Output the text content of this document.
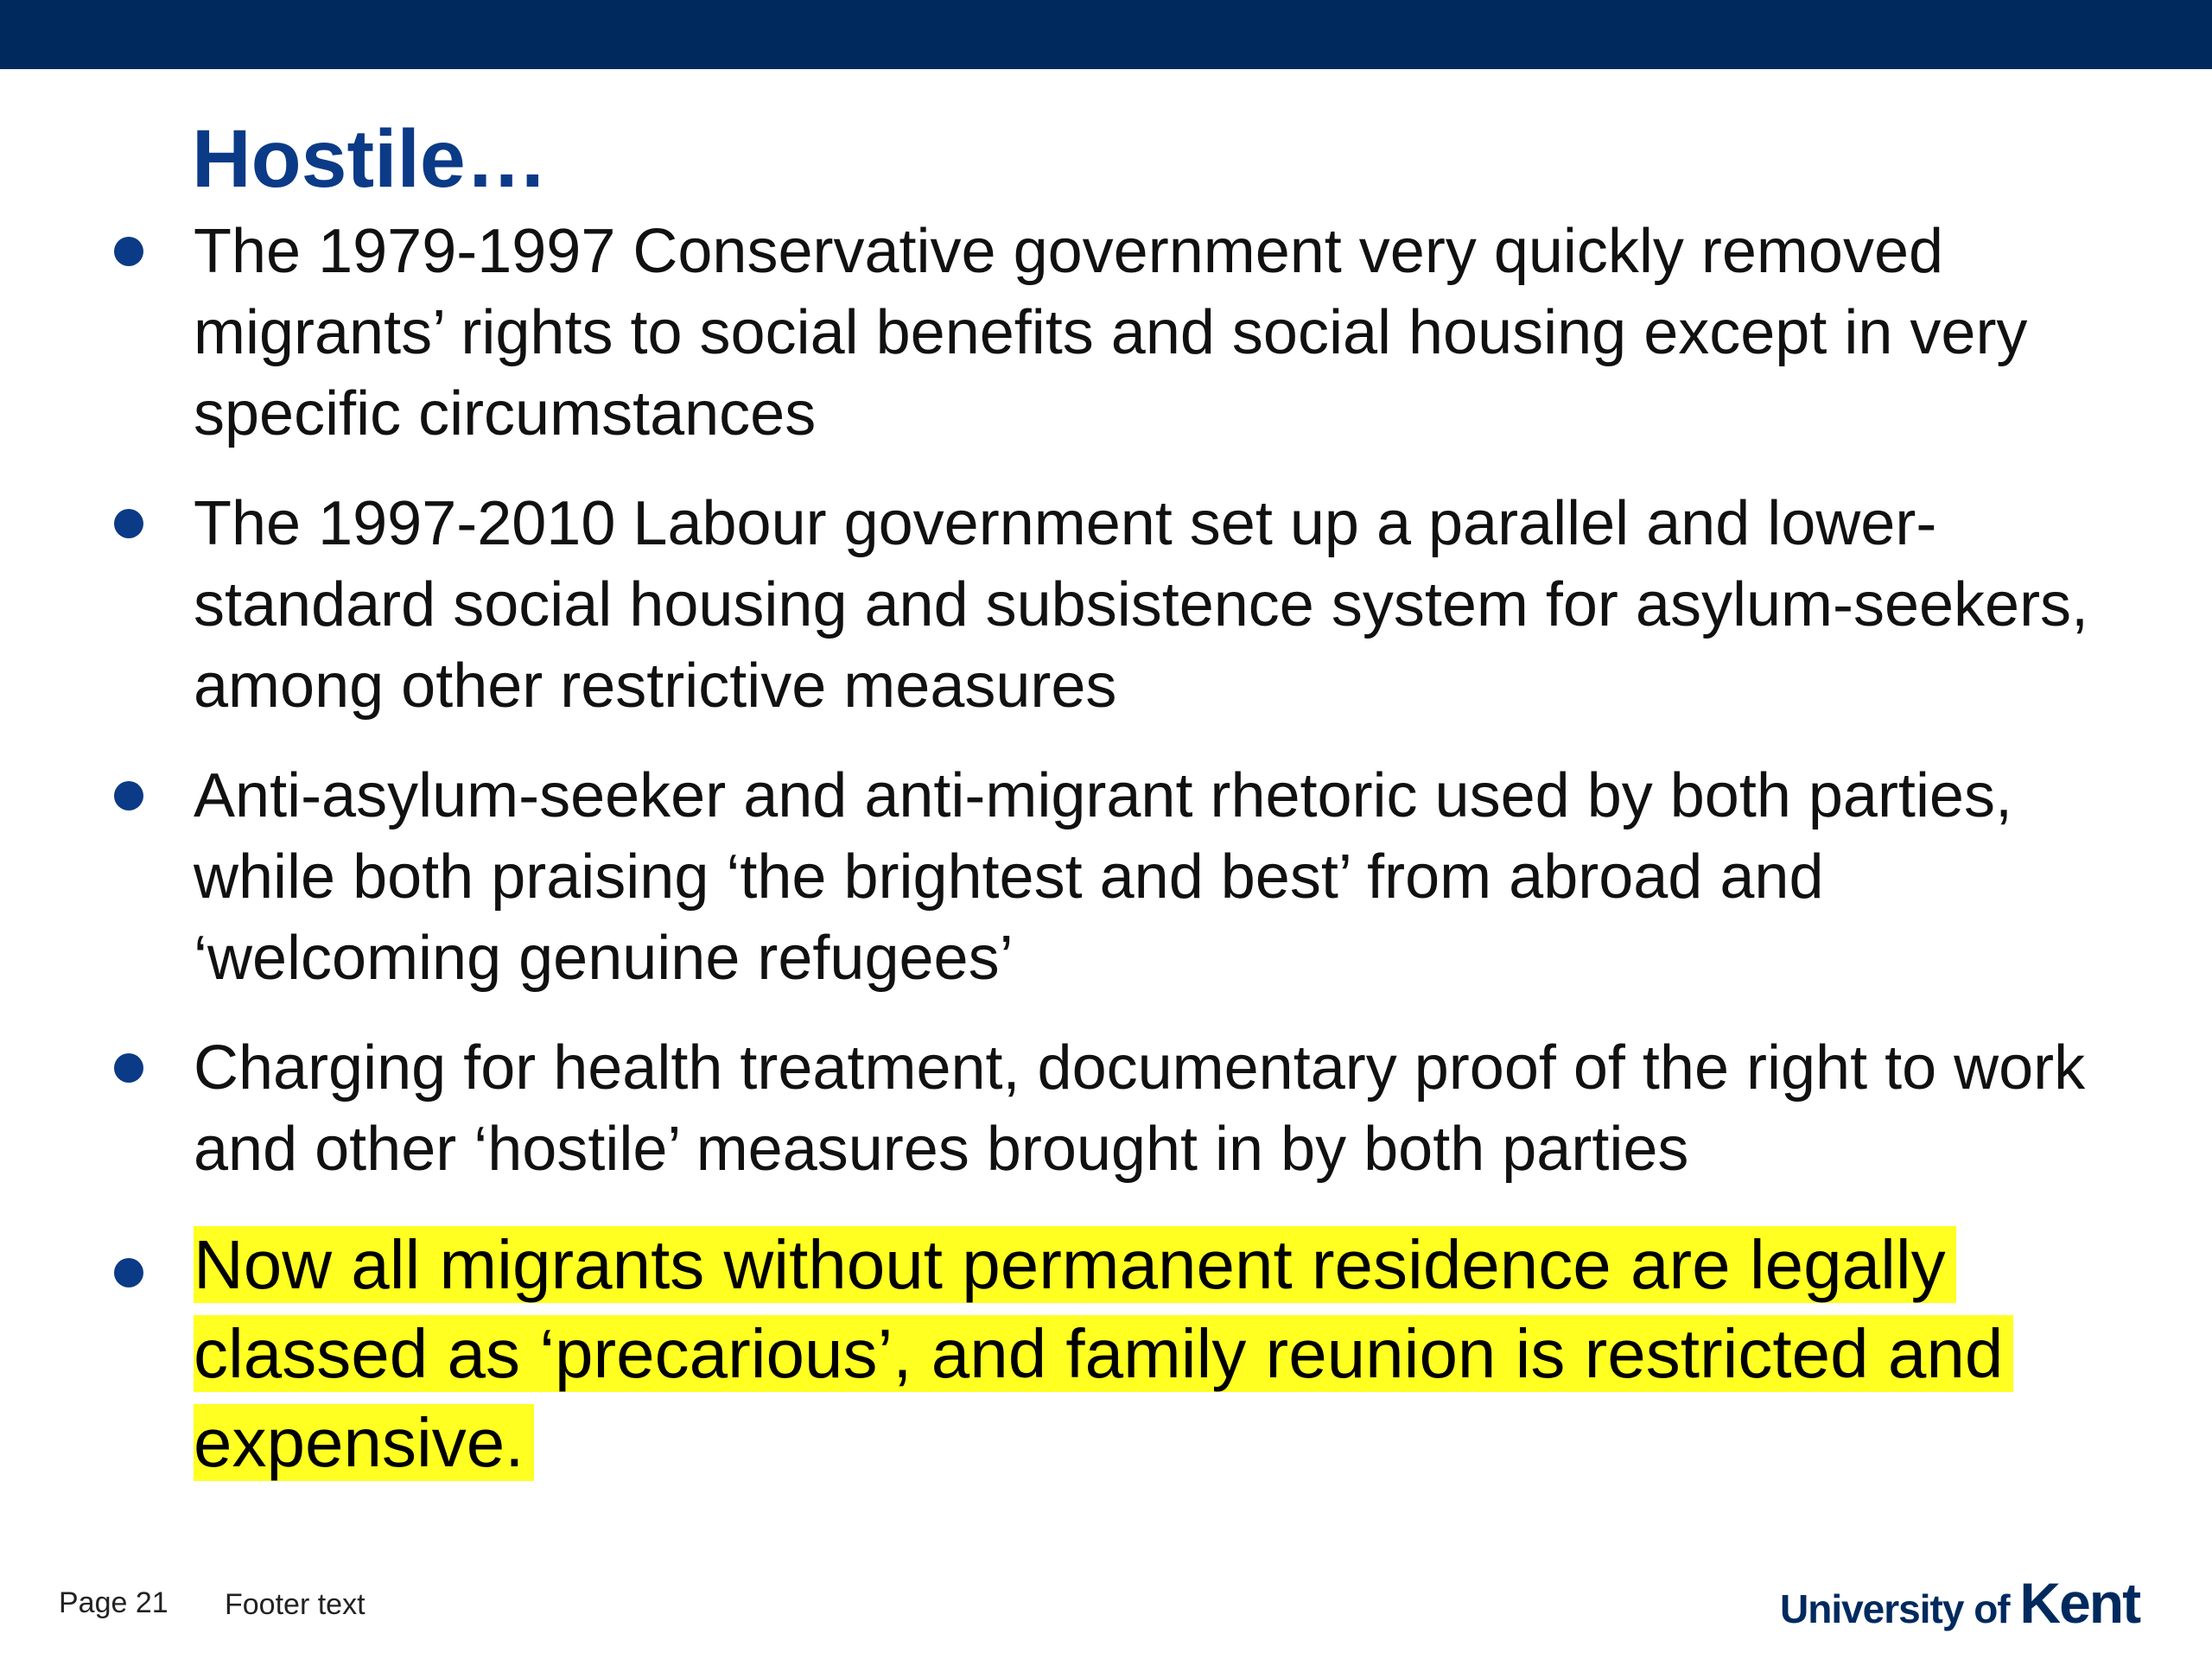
Hostile…
The 1979-1997 Conservative government very quickly removed migrants’ rights to social benefits and social housing except in very specific circumstances
The 1997-2010 Labour government set up a parallel and lower-standard social housing and subsistence system for asylum-seekers, among other restrictive measures
Anti-asylum-seeker and anti-migrant rhetoric used by both parties, while both praising ‘the brightest and best’ from abroad and ‘welcoming genuine refugees’
Charging for health treatment, documentary proof of the right to work and other ‘hostile’ measures brought in by both parties
Now all migrants without permanent residence are legally classed as ‘precarious’, and family reunion is restricted and expensive.
Page 21 Footer text	University of Kent
